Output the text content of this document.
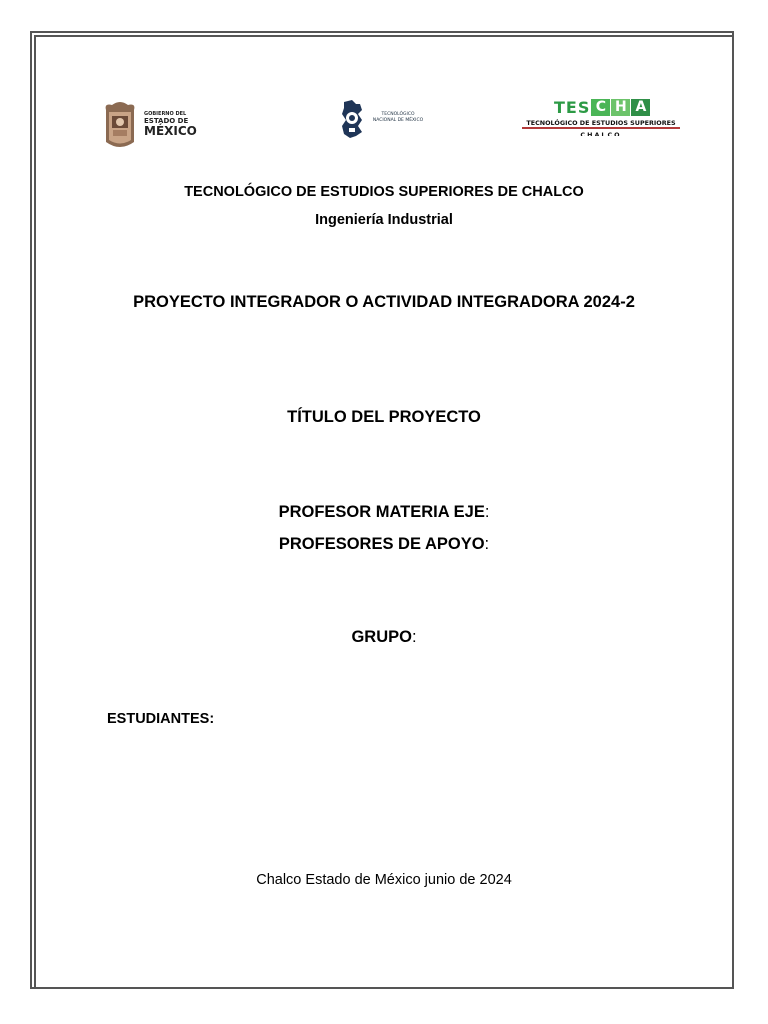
GOBIERNO DEL
ESTADO DE
MÉXICO
TECNOLÓGICO
NACIONAL DE MÉXICO
TES C H A
TECNOLÓGICO DE ESTUDIOS SUPERIORES
CHALCO
TECNOLÓGICO DE ESTUDIOS SUPERIORES DE CHALCO
Ingeniería Industrial
PROYECTO INTEGRADOR O ACTIVIDAD INTEGRADORA 2024-2
TÍTULO DEL PROYECTO
PROFESOR MATERIA EJE:
PROFESORES DE APOYO:
GRUPO:
ESTUDIANTES:
Chalco Estado de México junio de 2024
